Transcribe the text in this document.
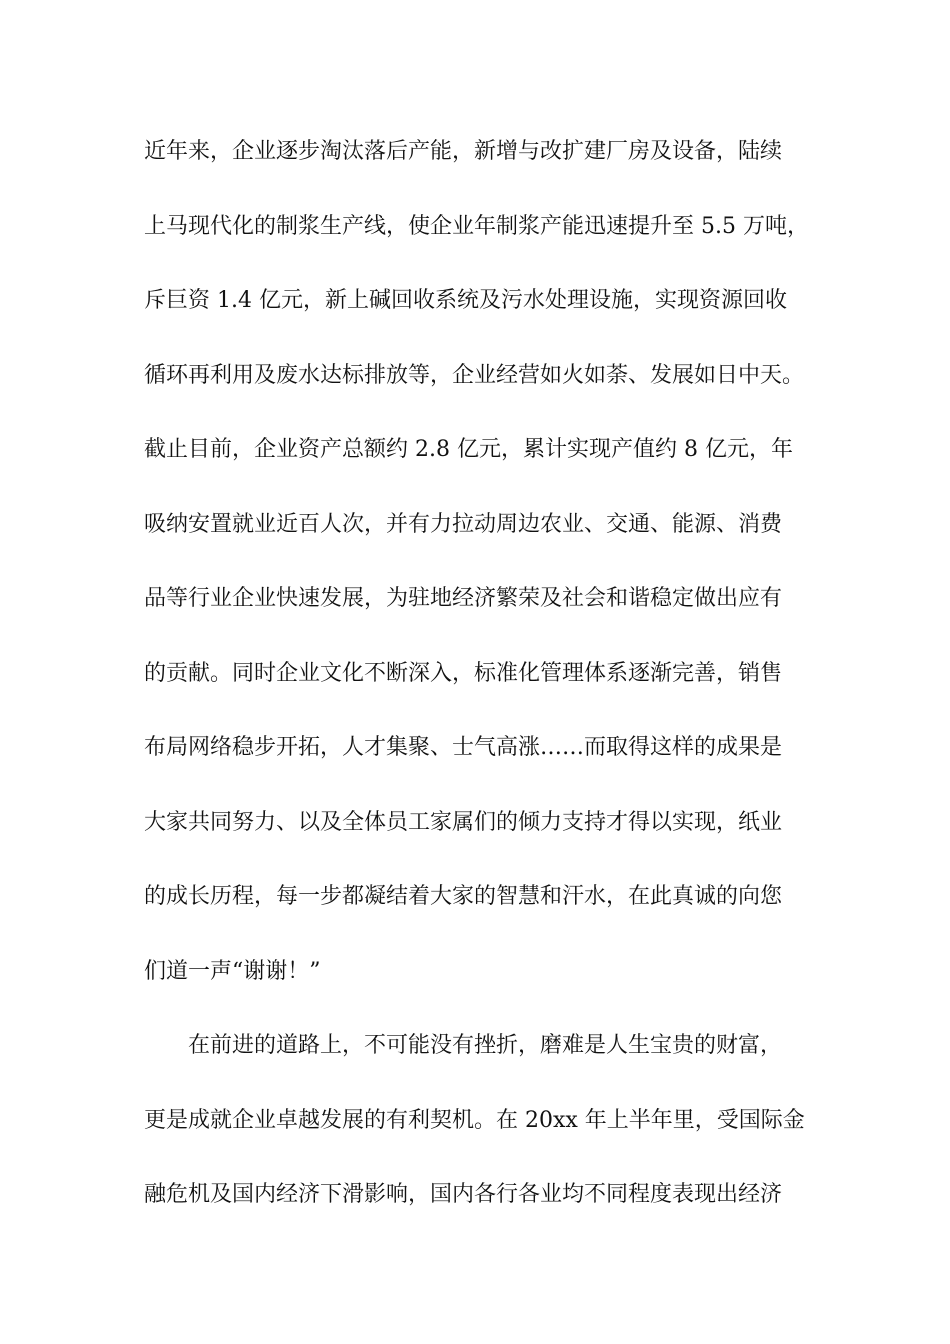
近年来，企业逐步淘汰落后产能，新增与改扩建厂房及设备，陆续
上马现代化的制浆生产线，使企业年制浆产能迅速提升至 5.5 万吨，
斥巨资 1.4 亿元，新上碱回收系统及污水处理设施，实现资源回收
循环再利用及废水达标排放等，企业经营如火如荼、发展如日中天。
截止目前，企业资产总额约 2.8 亿元，累计实现产值约 8 亿元，年
吸纳安置就业近百人次，并有力拉动周边农业、交通、能源、消费
品等行业企业快速发展，为驻地经济繁荣及社会和谐稳定做出应有
的贡献。同时企业文化不断深入，标准化管理体系逐渐完善，销售
布局网络稳步开拓，人才集聚、士气高涨……而取得这样的成果是
大家共同努力、以及全体员工家属们的倾力支持才得以实现，纸业
的成长历程，每一步都凝结着大家的智慧和汗水，在此真诚的向您
们道一声“谢谢！”
在前进的道路上，不可能没有挫折，磨难是人生宝贵的财富，
更是成就企业卓越发展的有利契机。在 20xx 年上半年里，受国际金
融危机及国内经济下滑影响，国内各行各业均不同程度表现出经济
